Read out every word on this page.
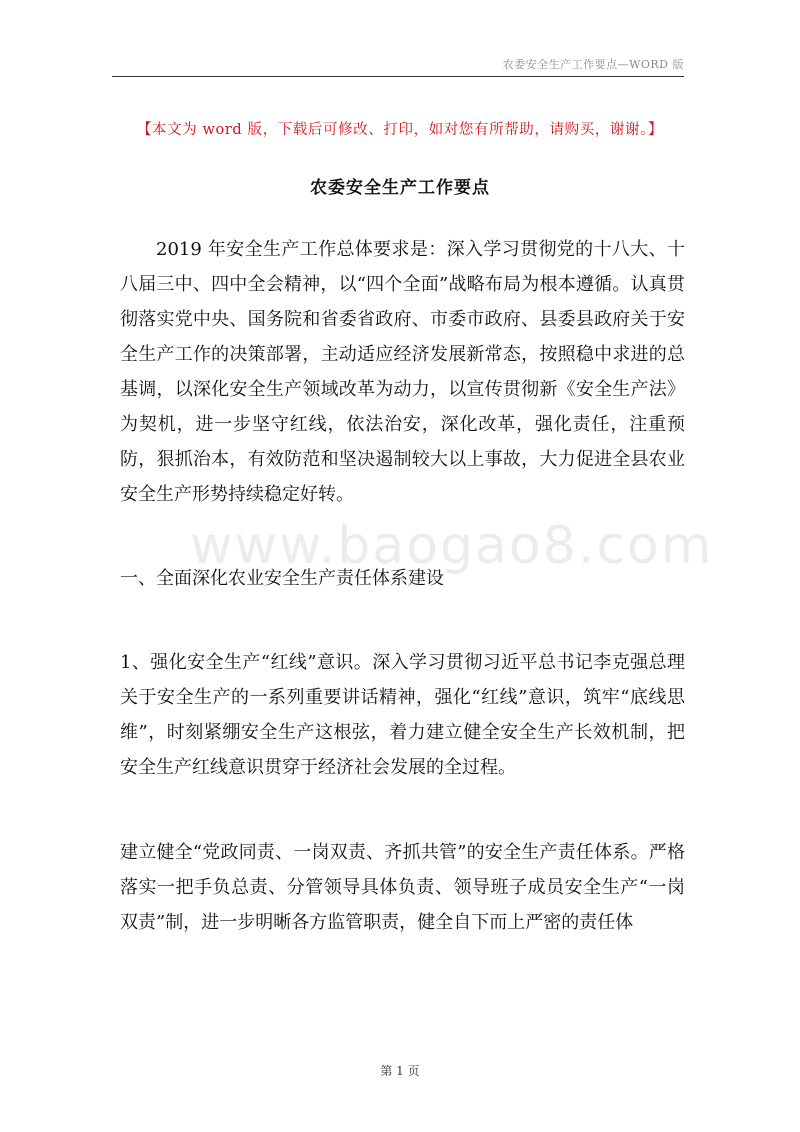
农委安全生产工作要点—WORD 版
【本文为 word 版，下载后可修改、打印，如对您有所帮助，请购买，谢谢。】
农委安全生产工作要点
www.baogao8.com

2019 年安全生产工作总体要求是：深入学习贯彻党的十八大、十八届三中、四中全会精神，以“四个全面”战略布局为根本遵循。认真贯彻落实党中央、国务院和省委省政府、市委市政府、县委县政府关于安全生产工作的决策部署，主动适应经济发展新常态，按照稳中求进的总基调，以深化安全生产领域改革为动力，以宣传贯彻新《安全生产法》为契机，进一步坚守红线，依法治安，深化改革，强化责任，注重预防，狠抓治本，有效防范和坚决遏制较大以上事故，大力促进全县农业安全生产形势持续稳定好转。

一、全面深化农业安全生产责任体系建设

1、强化安全生产“红线”意识。深入学习贯彻习近平总书记李克强总理关于安全生产的一系列重要讲话精神，强化“红线”意识，筑牢“底线思维”，时刻紧绷安全生产这根弦，着力建立健全安全生产长效机制，把安全生产红线意识贯穿于经济社会发展的全过程。

建立健全“党政同责、一岗双责、齐抓共管”的安全生产责任体系。严格落实一把手负总责、分管领导具体负责、领导班子成员安全生产“一岗双责”制，进一步明晰各方监管职责，健全自下而上严密的责任体

第 1 页
